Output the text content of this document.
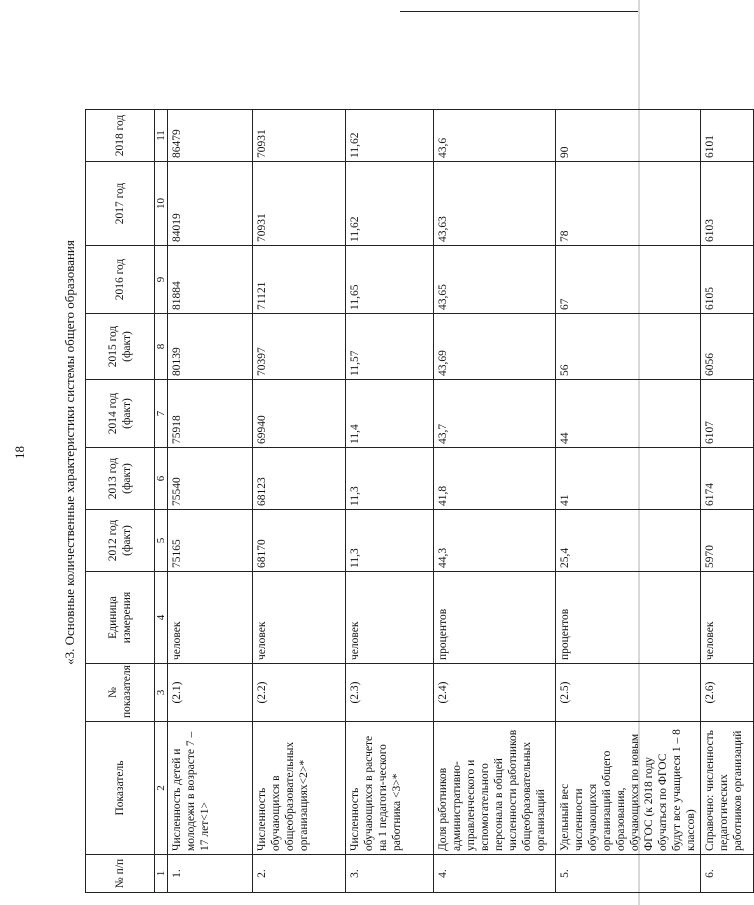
18	«3. Основные количественные характеристики системы общего образования
№ п/п	Показатель	№ показателя	Единица измерения	2012 год (факт)	2013 год (факт)	2014 год (факт)	2015 год (факт)	2016 год	2017 год	2018 год
1	2	3	4	5	6	7	8	9	10	11
1.	Численность детей и молодежи в возрасте 7 – 17 лет<1>	(2.1)	человек	75165	75540	75918	80139	81884	84019	86479
2.	Численность обучающихся в общеобразовательных организациях<2>*	(2.2)	человек	68170	68123	69940	70397	71121	70931	70931
3.	Численность обучающихся в расчете на 1 педагоги-ческого работника <3>*	(2.3)	человек	11,3	11,3	11,4	11,57	11,65	11,62	11,62
4.	Доля работников административно-управленческого и вспомогательного персонала в общей численности работников общеобразовательных организаций	(2.4)	процентов	44,3	41,8	43,7	43,69	43,65	43,63	43,6
5.	Удельный вес численности обучающихся организаций общего образования, обучающихся по новым ФГОС (к 2018 году обучаться по ФГОС будут все учащиеся 1 – 8 классов)	(2.5)	процентов	25,4	41	44	56	67	78	90
6.	Справочно: численность педагогических работников организаций	(2.6)	человек	5970	6174	6107	6056	6105	6103	6101
